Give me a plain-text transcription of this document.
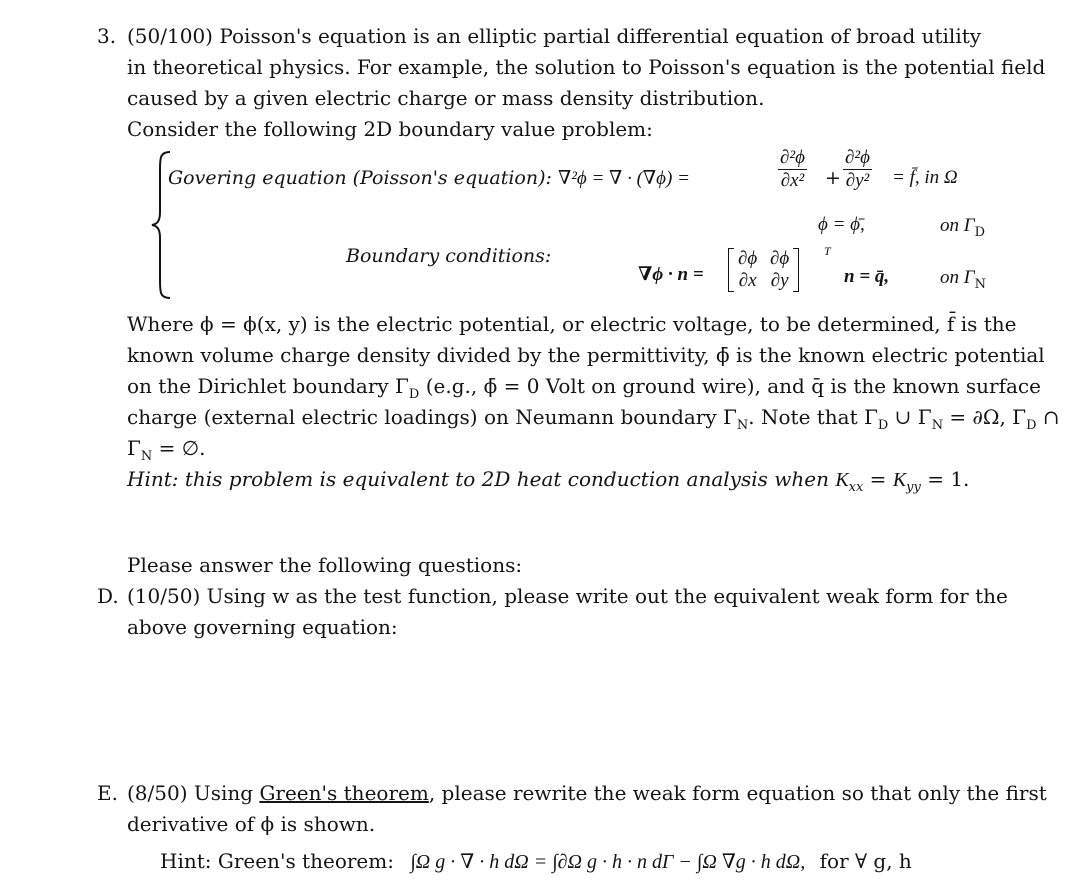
3. (50/100) Poisson's equation is an elliptic partial differential equation of broad utility
in theoretical physics. For example, the solution to Poisson's equation is the potential field
caused by a given electric charge or mass density distribution.
Consider the following 2D boundary value problem:
Govering equation (Poisson's equation): ∇²ϕ = ∇ · (∇ϕ) =	$\frac{\text{∂²ϕ}}{\text{∂x²}} + \frac{\text{∂²ϕ}}{\text{∂y²}}$ = f̄, in Ω
ϕ = ϕ̄,	on $\Gamma_D$
Boundary conditions:
∇ϕ · n =
∂ϕ
∂x

∂ϕ
∂y
T
n = q̄,	on $\Gamma_N$
Where ϕ = ϕ(x, y) is the electric potential, or electric voltage, to be determined, f̄ is the
known volume charge density divided by the permittivity, ϕ̄ is the known electric potential
on the Dirichlet boundary $\Gamma_D$ (e.g., ϕ̄ = 0 Volt on ground wire), and q̄ is the known surface
charge (external electric loadings) on Neumann boundary $\Gamma_N$. Note that $\Gamma_D$ ∪ $\Gamma_N = \partial\Omega$, $\Gamma_D$ ∩
$\Gamma_N$ = ∅.
Hint: this problem is equivalent to 2D heat conduction analysis when $K_{xx} = K_{yy} = 1$.
Please answer the following questions:
D. (10/50) Using w as the test function, please write out the equivalent weak form for the
above governing equation:
E. (8/50) Using Green's theorem, please rewrite the weak form equation so that only the first
derivative of ϕ is shown.
Hint: Green's theorem: ∫Ω g · ∇ · h dΩ = ∫∂Ω g · h · n dΓ − ∫Ω ∇g · h dΩ, for ∀ g, h
